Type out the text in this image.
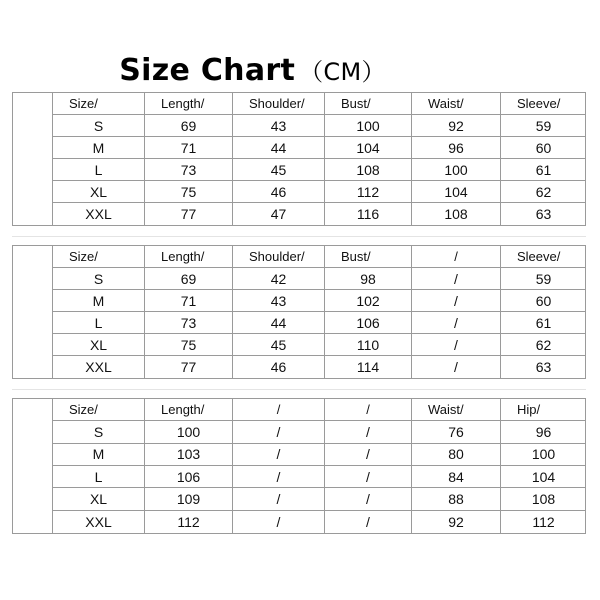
Size Chart （CM）
Size/	Length/	Shoulder/	Bust/	Waist/	Sleeve/
S	69	43	100	92	59
M	71	44	104	96	60
L	73	45	108	100	61
XL	75	46	112	104	62
XXL	77	47	116	108	63
Size/	Length/	Shoulder/	Bust/	/	Sleeve/
S	69	42	98	/	59
M	71	43	102	/	60
L	73	44	106	/	61
XL	75	45	110	/	62
XXL	77	46	114	/	63
Size/	Length/	/	/	Waist/	Hip/
S	100	/	/	76	96
M	103	/	/	80	100
L	106	/	/	84	104
XL	109	/	/	88	108
XXL	112	/	/	92	112
